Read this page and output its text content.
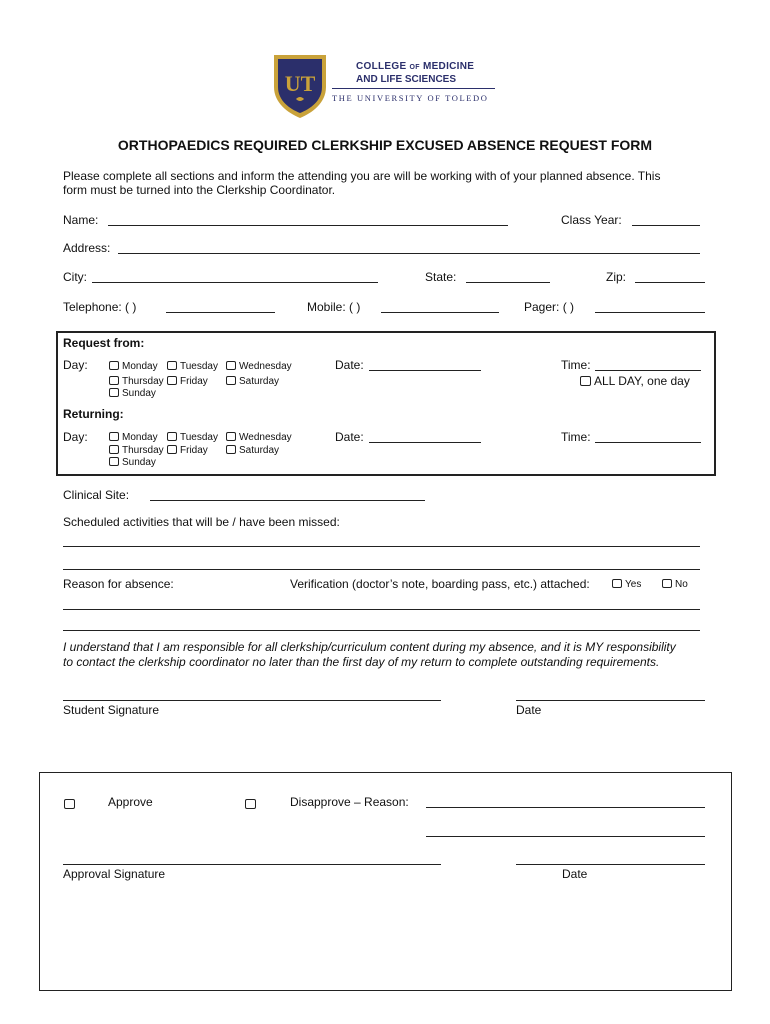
UT
COLLEGE OF MEDICINE
AND LIFE SCIENCES
THE UNIVERSITY OF TOLEDO
ORTHOPAEDICS REQUIRED CLERKSHIP EXCUSED ABSENCE REQUEST FORM
Please complete all sections and inform the attending you are will be working with of your planned absence. This
form must be turned into the Clerkship Coordinator.
Name:	Class Year:
Address:
City:	State:	Zip:
Telephone: ( )	Mobile: ( )	Pager: ( )
Request from:
Day:	Monday	Tuesday	Wednesday
Thursday	Friday	Saturday
Sunday
Date:	Time:
ALL DAY, one day
Returning:
Day:	Monday	Tuesday	Wednesday
Thursday	Friday	Saturday
Sunday
Date:	Time:
Clinical Site:
Scheduled activities that will be / have been missed:
Reason for absence:	Verification (doctor’s note, boarding pass, etc.) attached:	Yes	No
I understand that I am responsible for all clerkship/curriculum content during my absence, and it is MY responsibility
to contact the clerkship coordinator no later than the first day of my return to complete outstanding requirements.
Student Signature	Date
Approve	Disapprove – Reason:
Approval Signature	Date
